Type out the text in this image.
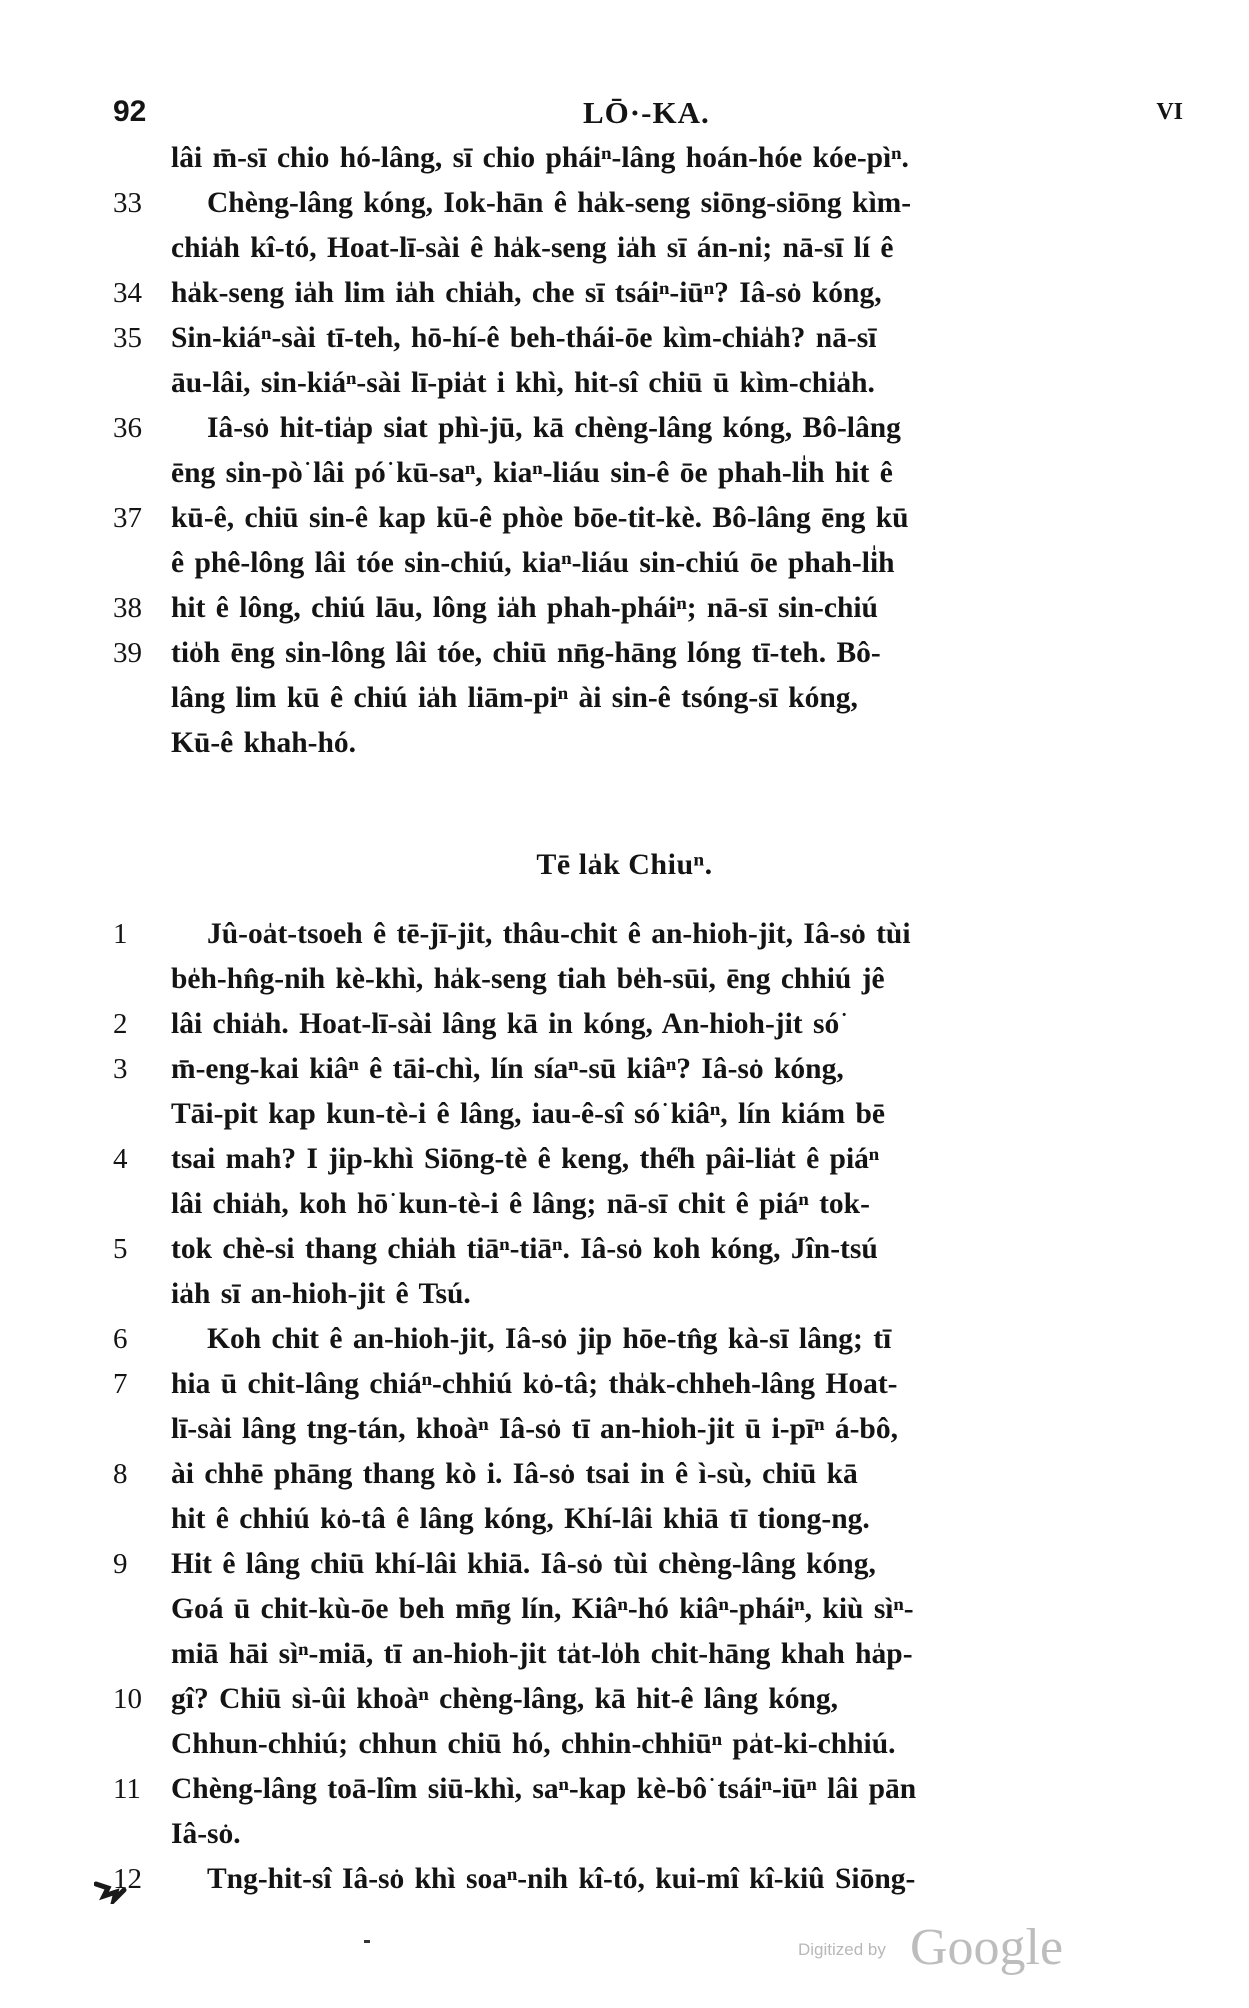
92	LŌ·-KA.	VI
lâi m̄-sī chio hó-lâng, sī chio pháiⁿ-lâng hoán-hóe kóe-pìⁿ.
33	Chèng-lâng kóng, Iok-hān ê ha̍k-seng siōng-siōng kìm-
chia̍h kî-tó, Hoat-lī-sài ê ha̍k-seng ia̍h sī án-ni; nā-sī lí ê
34 ha̍k-seng ia̍h lim ia̍h chia̍h, che sī tsáiⁿ-iūⁿ? Iâ-so͘ kóng,
35 Sin-kiáⁿ-sài tī-teh, hō-hí-ê beh-thái-ōe kìm-chia̍h? nā-sī
āu-lâi, sin-kiáⁿ-sài lī-pia̍t i khì, hit-sî chiū ū kìm-chia̍h.
36	Iâ-so͘ hit-tia̍p siat phì-jū, kā chèng-lâng kóng, Bô-lâng
ēng sin-pò͘ lâi pó͘ kū-saⁿ, kiaⁿ-liáu sin-ê ōe phah-li̍h hit ê
37 kū-ê, chiū sin-ê kap kū-ê phòe bōe-tit-kè. Bô-lâng ēng kū
ê phê-lông lâi tóe sin-chiú, kiaⁿ-liáu sin-chiú ōe phah-li̍h
38 hit ê lông, chiú lāu, lông ia̍h phah-pháiⁿ; nā-sī sin-chiú
39 tio̍h ēng sin-lông lâi tóe, chiū nn̄g-hāng lóng tī-teh. Bô-
lâng lim kū ê chiú ia̍h liām-piⁿ ài sin-ê tsóng-sī kóng,
Kū-ê khah-hó.
Tē la̍k Chiuⁿ.
1	Jû-oa̍t-tsoeh ê tē-jī-jit, thâu-chit ê an-hioh-jit, Iâ-so͘ tùi
be̍h-hn̂g-nih kè-khì, ha̍k-seng tiah be̍h-sūi, ēng chhiú jê
2	lâi chia̍h. Hoat-lī-sài lâng kā in kóng, An-hioh-jit só͘
3	m̄-eng-kai kiâⁿ ê tāi-chì, lín síaⁿ-sū kiâⁿ? Iâ-so͘ kóng,
Tāi-pit kap kun-tè-i ê lâng, iau-ê-sî só͘ kiâⁿ, lín kiám bē
4	tsai mah? I jip-khì Siōng-tè ê keng, thé̍h pâi-lia̍t ê piáⁿ
lâi chia̍h, koh hō͘ kun-tè-i ê lâng; nā-sī chit ê piáⁿ tok-
5	tok chè-si thang chia̍h tiāⁿ-tiāⁿ. Iâ-so͘ koh kóng, Jîn-tsú
ia̍h sī an-hioh-jit ê Tsú.
6	Koh chit ê an-hioh-jit, Iâ-so͘ jip hōe-tn̂g kà-sī lâng; tī
7	hia ū chit-lâng chiáⁿ-chhiú ko͘-tâ; tha̍k-chheh-lâng Hoat-
lī-sài lâng tng-tán, khoàⁿ Iâ-so͘ tī an-hioh-jit ū i-pīⁿ á-bô,
8	ài chhē phāng thang kò i. Iâ-so͘ tsai in ê ì-sù, chiū kā
hit ê chhiú ko͘-tâ ê lâng kóng, Khí-lâi khiā tī tiong-ng.
9	Hit ê lâng chiū khí-lâi khiā. Iâ-so͘ tùi chèng-lâng kóng,
Goá ū chit-kù-ōe beh mn̄g lín, Kiâⁿ-hó kiâⁿ-pháiⁿ, kiù sìⁿ-
miā hāi sìⁿ-miā, tī an-hioh-jit ta̍t-lo̍h chit-hāng khah ha̍p-
10 gî? Chiū sì-ûi khoàⁿ chèng-lâng, kā hit-ê lâng kóng,
Chhun-chhiú; chhun chiū hó, chhin-chhiūⁿ pa̍t-ki-chhiú.
11	Chèng-lâng toā-lîm siū-khì, saⁿ-kap kè-bô͘ tsáiⁿ-iūⁿ lâi pān
Iâ-so͘.
12	Tng-hit-sî Iâ-so͘ khì soaⁿ-nih kî-tó, kui-mî kî-kiû Siōng-
Digitized by Google
